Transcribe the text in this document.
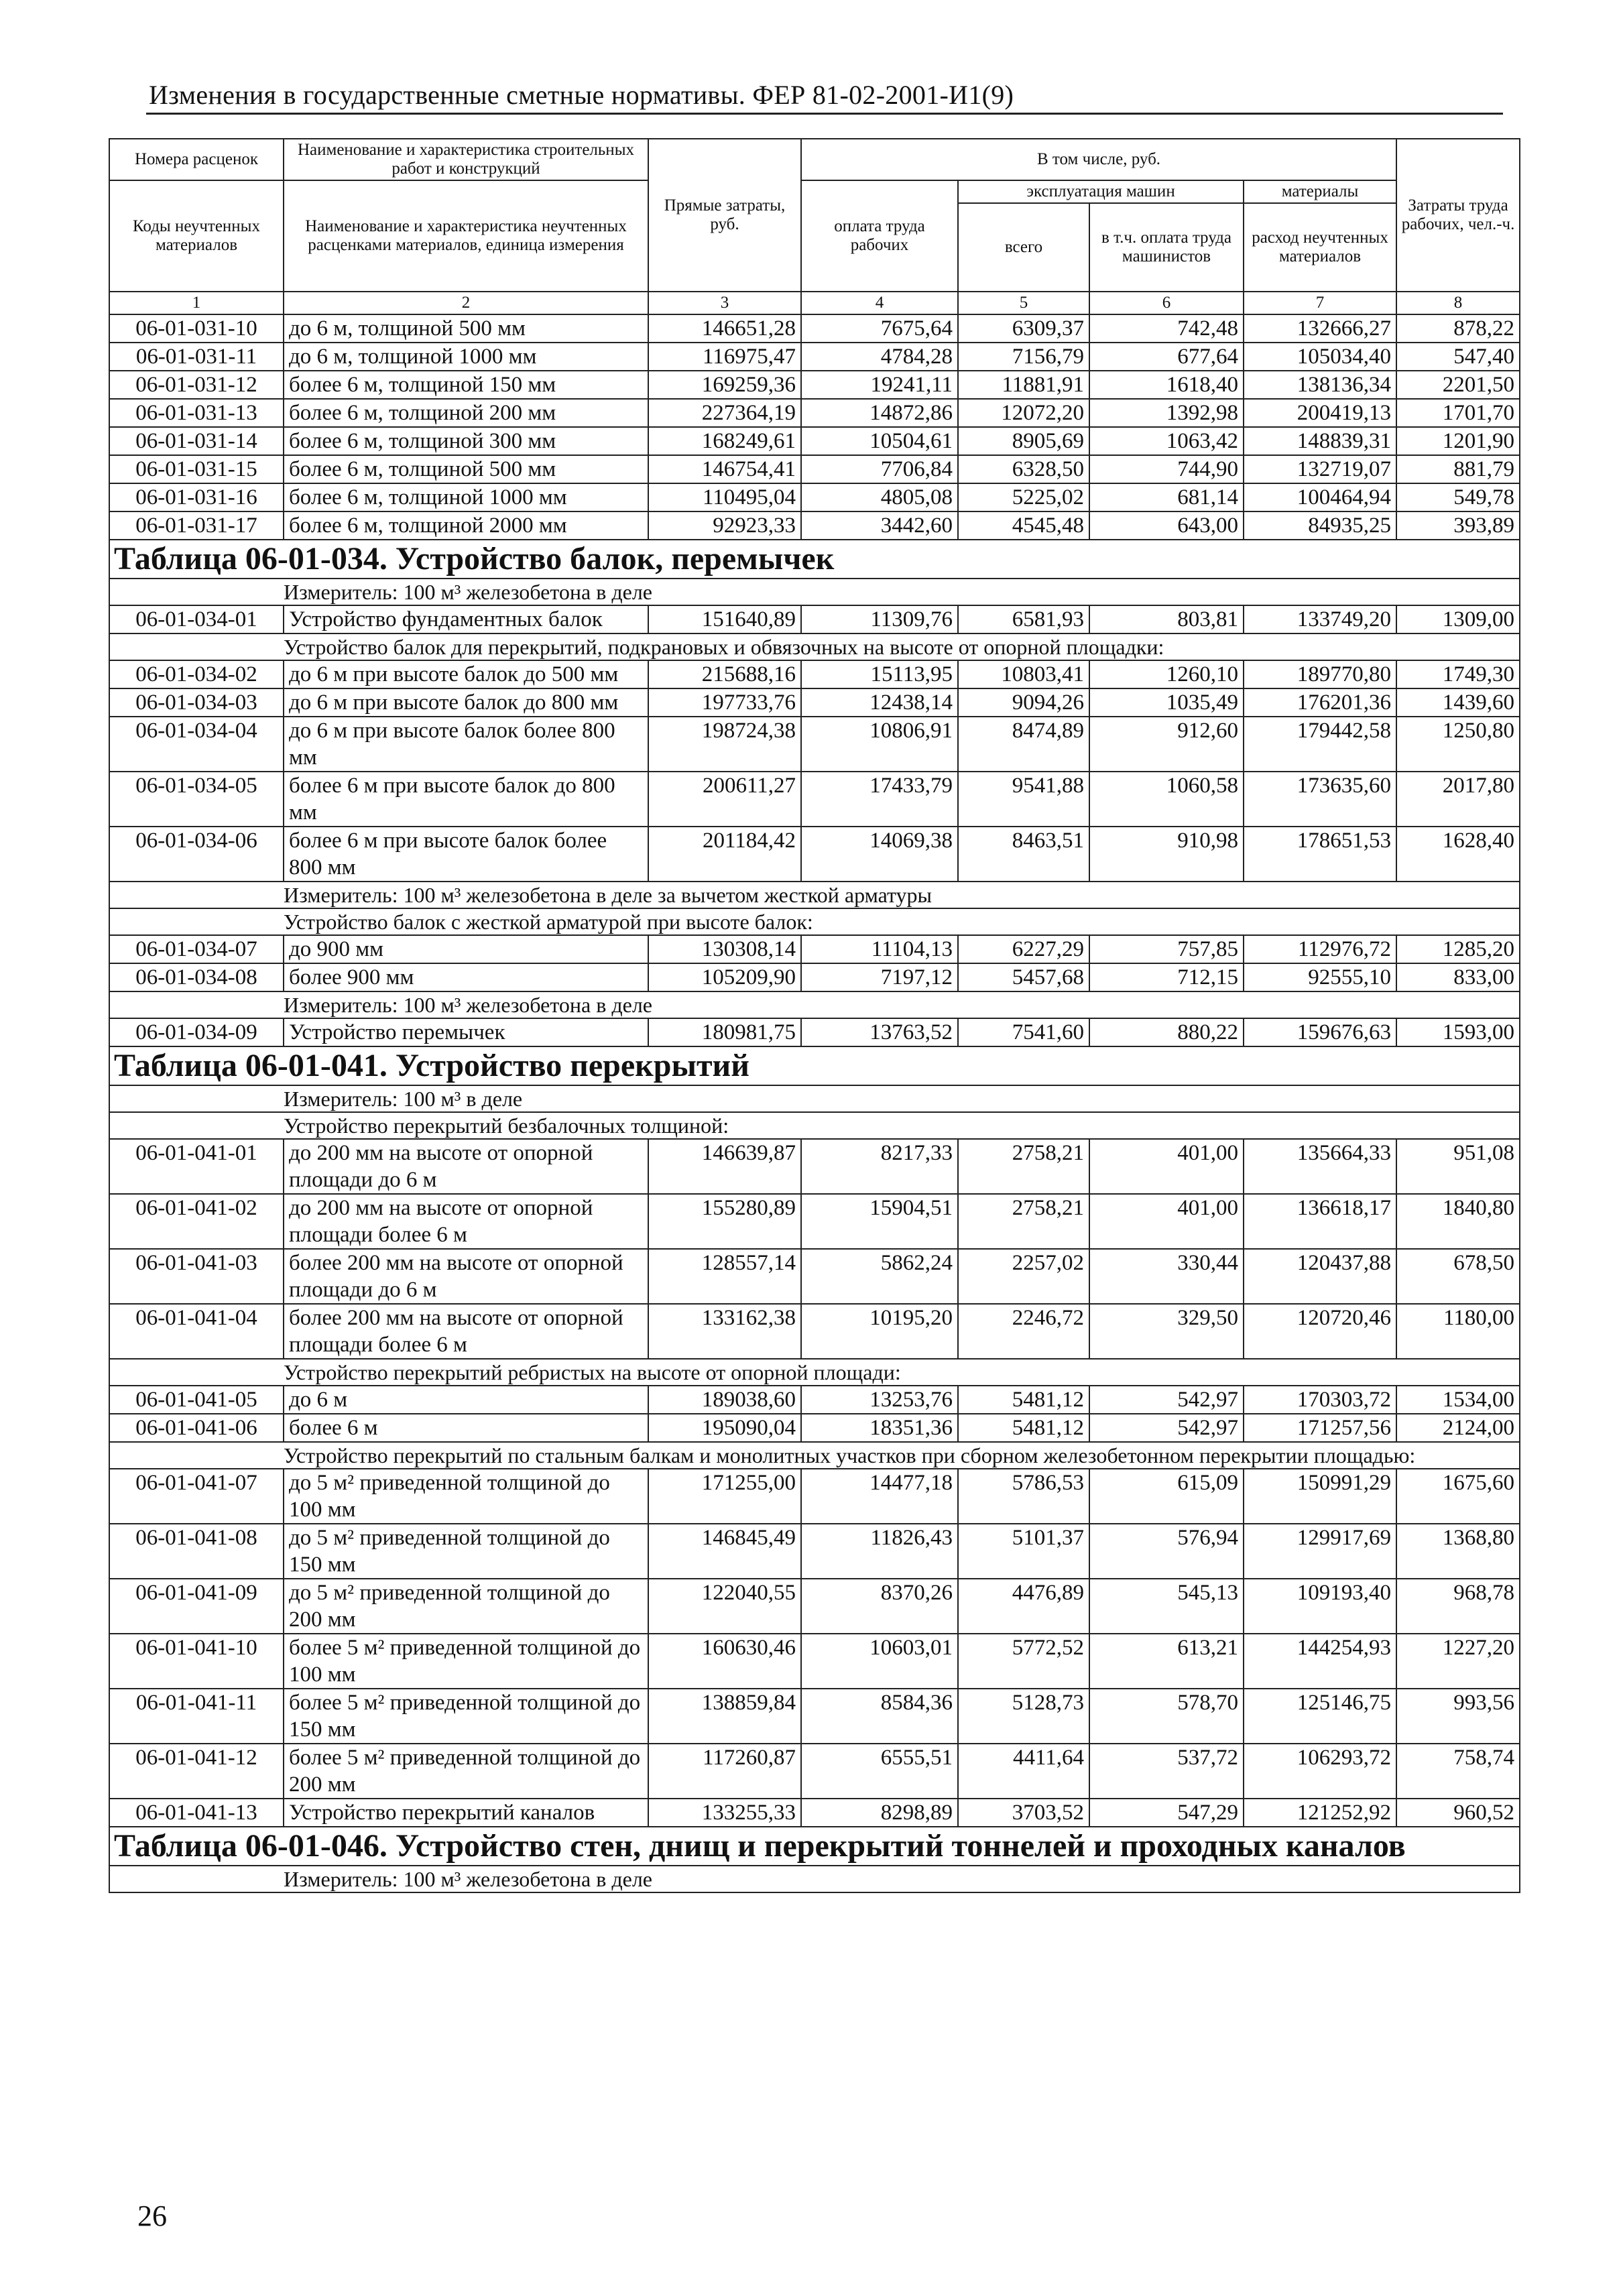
Изменения в государственные сметные нормативы. ФЕР 81-02-2001-И1(9)
Номера расценок	Наименование и характеристика строительных работ и конструкций	Прямые затраты, руб.	В том числе, руб.				Затраты труда рабочих, чел.-ч.
Коды неучтенных материалов	Наименование и характеристика неучтенных расценками материалов, единица измерения		оплата труда рабочих	эксплуатация машин		материалы	
				всего	в т.ч. оплата труда машинистов	расход неучтенных материалов	
1	2	3	4	5	6	7	8
06-01-031-10	до 6 м, толщиной 500 мм	146651,28	7675,64	6309,37	742,48	132666,27	878,22
06-01-031-11	до 6 м, толщиной 1000 мм	116975,47	4784,28	7156,79	677,64	105034,40	547,40
06-01-031-12	более 6 м, толщиной 150 мм	169259,36	19241,11	11881,91	1618,40	138136,34	2201,50
06-01-031-13	более 6 м, толщиной 200 мм	227364,19	14872,86	12072,20	1392,98	200419,13	1701,70
06-01-031-14	более 6 м, толщиной 300 мм	168249,61	10504,61	8905,69	1063,42	148839,31	1201,90
06-01-031-15	более 6 м, толщиной 500 мм	146754,41	7706,84	6328,50	744,90	132719,07	881,79
06-01-031-16	более 6 м, толщиной 1000 мм	110495,04	4805,08	5225,02	681,14	100464,94	549,78
06-01-031-17	более 6 м, толщиной 2000 мм	92923,33	3442,60	4545,48	643,00	84935,25	393,89
Таблица 06-01-034. Устройство балок, перемычек							
	Измеритель: 100 м³ железобетона в деле						
06-01-034-01	Устройство фундаментных балок	151640,89	11309,76	6581,93	803,81	133749,20	1309,00
	Устройство балок для перекрытий, подкрановых и обвязочных на высоте от опорной площадки:						
06-01-034-02	до 6 м при высоте балок до 500 мм	215688,16	15113,95	10803,41	1260,10	189770,80	1749,30
06-01-034-03	до 6 м при высоте балок до 800 мм	197733,76	12438,14	9094,26	1035,49	176201,36	1439,60
06-01-034-04	до 6 м при высоте балок более 800 мм	198724,38	10806,91	8474,89	912,60	179442,58	1250,80
06-01-034-05	более 6 м при высоте балок до 800 мм	200611,27	17433,79	9541,88	1060,58	173635,60	2017,80
06-01-034-06	более 6 м при высоте балок более 800 мм	201184,42	14069,38	8463,51	910,98	178651,53	1628,40
	Измеритель: 100 м³ железобетона в деле за вычетом жесткой арматуры						
	Устройство балок с жесткой арматурой при высоте балок:						
06-01-034-07	до 900 мм	130308,14	11104,13	6227,29	757,85	112976,72	1285,20
06-01-034-08	более 900 мм	105209,90	7197,12	5457,68	712,15	92555,10	833,00
	Измеритель: 100 м³ железобетона в деле						
06-01-034-09	Устройство перемычек	180981,75	13763,52	7541,60	880,22	159676,63	1593,00
Таблица 06-01-041. Устройство перекрытий							
	Измеритель: 100 м³ в деле						
	Устройство перекрытий безбалочных толщиной:						
06-01-041-01	до 200 мм на высоте от опорной площади до 6 м	146639,87	8217,33	2758,21	401,00	135664,33	951,08
06-01-041-02	до 200 мм на высоте от опорной площади более 6 м	155280,89	15904,51	2758,21	401,00	136618,17	1840,80
06-01-041-03	более 200 мм на высоте от опорной площади до 6 м	128557,14	5862,24	2257,02	330,44	120437,88	678,50
06-01-041-04	более 200 мм на высоте от опорной площади более 6 м	133162,38	10195,20	2246,72	329,50	120720,46	1180,00
	Устройство перекрытий ребристых на высоте от опорной площади:						
06-01-041-05	до 6 м	189038,60	13253,76	5481,12	542,97	170303,72	1534,00
06-01-041-06	более 6 м	195090,04	18351,36	5481,12	542,97	171257,56	2124,00
	Устройство перекрытий по стальным балкам и монолитных участков при сборном железобетонном перекрытии площадью:						
06-01-041-07	до 5 м² приведенной толщиной до 100 мм	171255,00	14477,18	5786,53	615,09	150991,29	1675,60
06-01-041-08	до 5 м² приведенной толщиной до 150 мм	146845,49	11826,43	5101,37	576,94	129917,69	1368,80
06-01-041-09	до 5 м² приведенной толщиной до 200 мм	122040,55	8370,26	4476,89	545,13	109193,40	968,78
06-01-041-10	более 5 м² приведенной толщиной до 100 мм	160630,46	10603,01	5772,52	613,21	144254,93	1227,20
06-01-041-11	более 5 м² приведенной толщиной до 150 мм	138859,84	8584,36	5128,73	578,70	125146,75	993,56
06-01-041-12	более 5 м² приведенной толщиной до 200 мм	117260,87	6555,51	4411,64	537,72	106293,72	758,74
06-01-041-13	Устройство перекрытий каналов	133255,33	8298,89	3703,52	547,29	121252,92	960,52
Таблица 06-01-046. Устройство стен, днищ и перекрытий тоннелей и проходных каналов							
	Измеритель: 100 м³ железобетона в деле						
26
